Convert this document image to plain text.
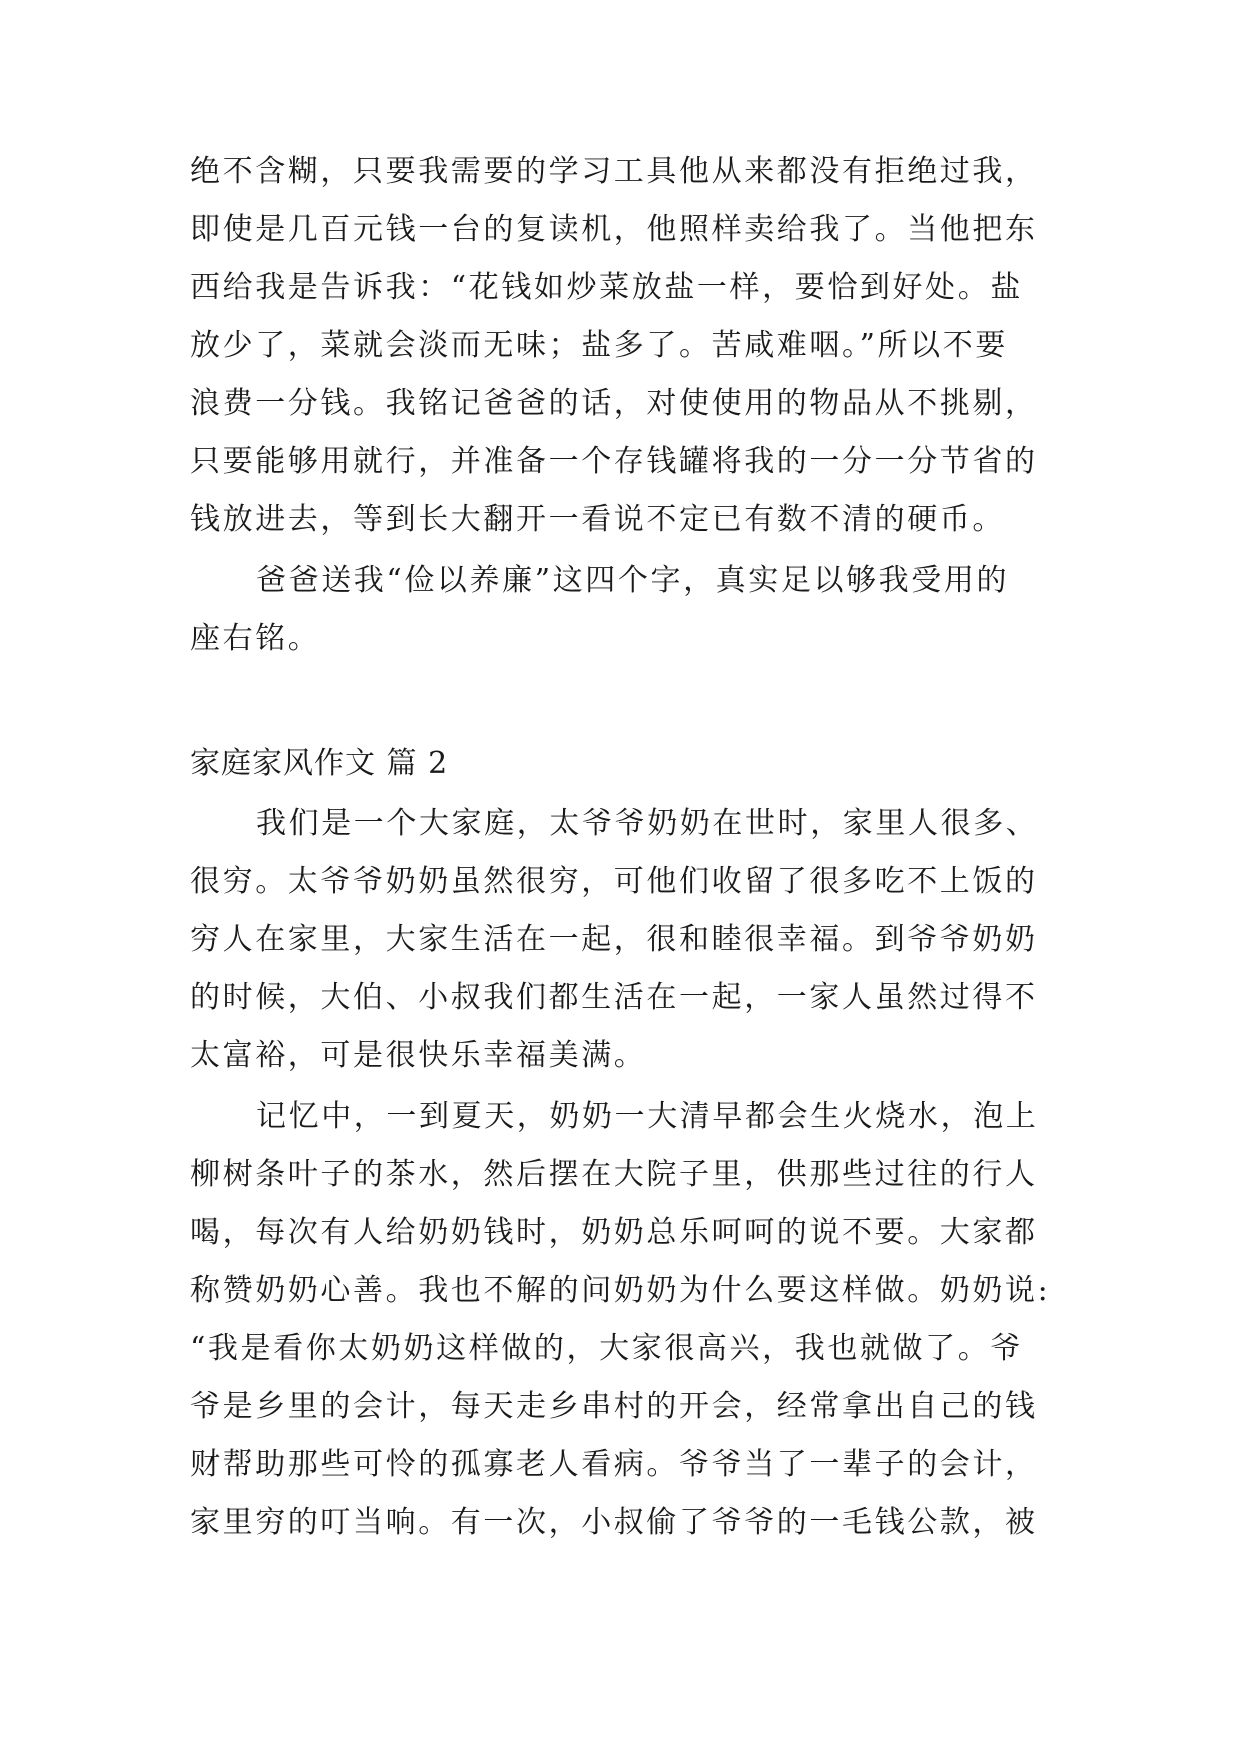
绝不含糊，只要我需要的学习工具他从来都没有拒绝过我，
即使是几百元钱一台的复读机，他照样卖给我了。当他把东
西给我是告诉我：“花钱如炒菜放盐一样，要恰到好处。盐
放少了，菜就会淡而无味；盐多了。苦咸难咽。”所以不要
浪费一分钱。我铭记爸爸的话，对使使用的物品从不挑剔，
只要能够用就行，并准备一个存钱罐将我的一分一分节省的
钱放进去，等到长大翻开一看说不定已有数不清的硬币。
爸爸送我“俭以养廉”这四个字，真实足以够我受用的
座右铭。
家庭家风作文 篇 2
我们是一个大家庭，太爷爷奶奶在世时，家里人很多、
很穷。太爷爷奶奶虽然很穷，可他们收留了很多吃不上饭的
穷人在家里，大家生活在一起，很和睦很幸福。到爷爷奶奶
的时候，大伯、小叔我们都生活在一起，一家人虽然过得不
太富裕，可是很快乐幸福美满。
记忆中，一到夏天，奶奶一大清早都会生火烧水，泡上
柳树条叶子的茶水，然后摆在大院子里，供那些过往的行人
喝，每次有人给奶奶钱时，奶奶总乐呵呵的说不要。大家都
称赞奶奶心善。我也不解的问奶奶为什么要这样做。奶奶说:
“我是看你太奶奶这样做的，大家很高兴，我也就做了。爷
爷是乡里的会计，每天走乡串村的开会，经常拿出自己的钱
财帮助那些可怜的孤寡老人看病。爷爷当了一辈子的会计，
家里穷的叮当响。有一次，小叔偷了爷爷的一毛钱公款，被
